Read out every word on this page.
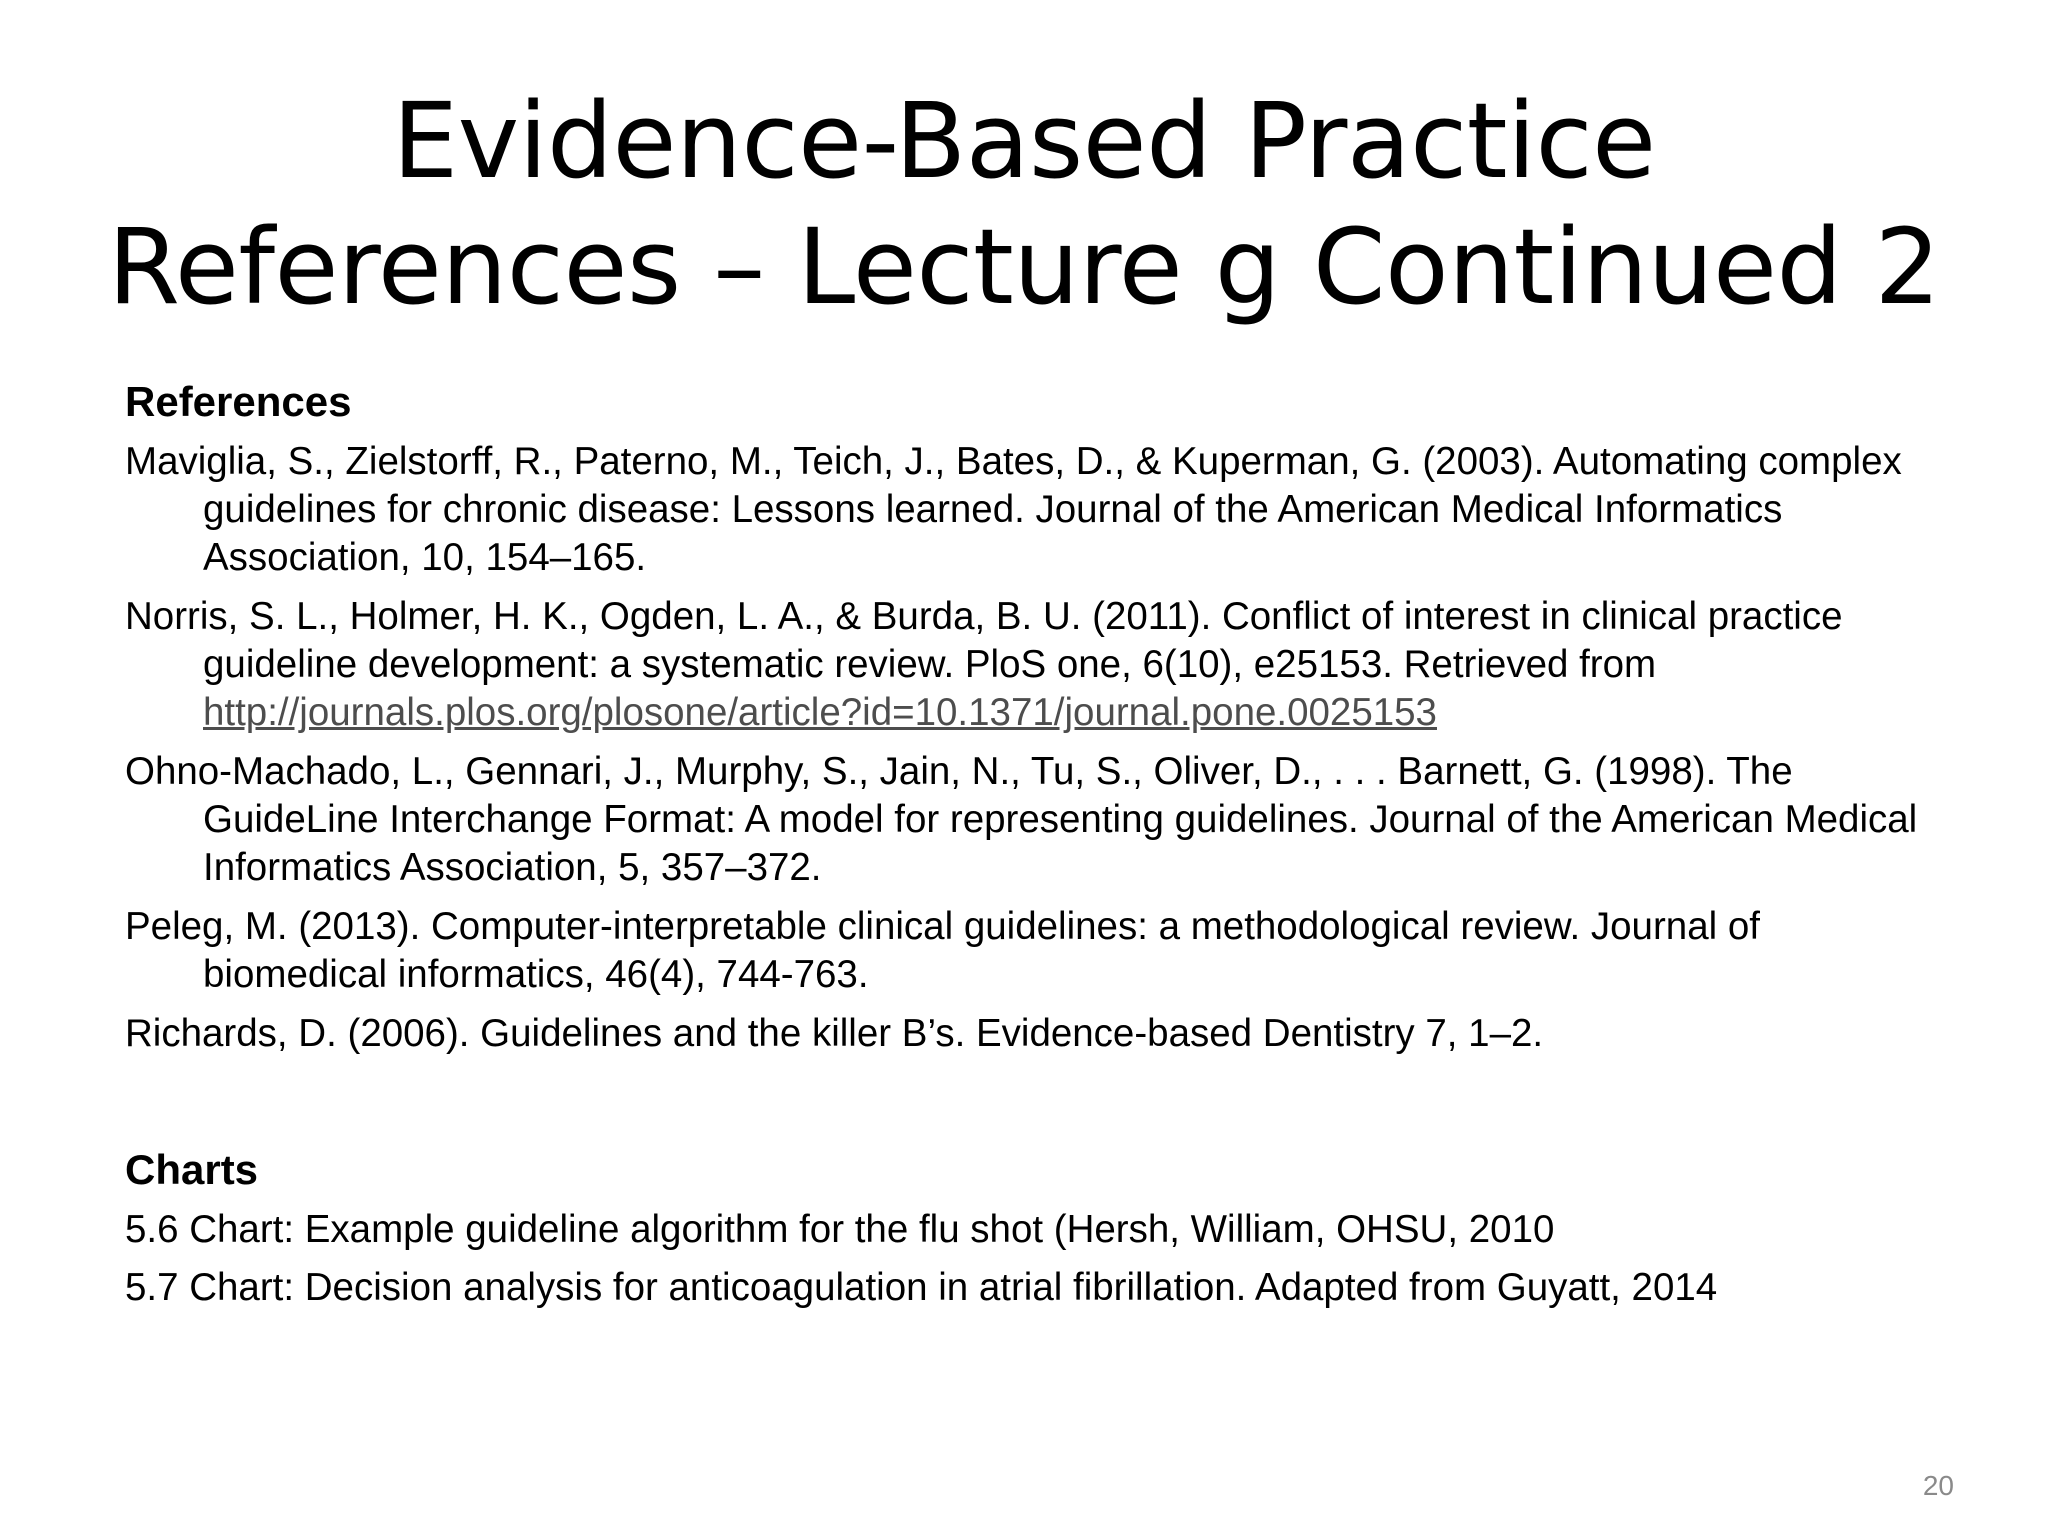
Evidence-Based Practice
References – Lecture g Continued 2
References
Maviglia, S., Zielstorff, R., Paterno, M., Teich, J., Bates, D., & Kuperman, G. (2003). Automating complex guidelines for chronic disease: Lessons learned. Journal of the American Medical Informatics Association, 10, 154–165.
Norris, S. L., Holmer, H. K., Ogden, L. A., & Burda, B. U. (2011). Conflict of interest in clinical practice guideline development: a systematic review. PloS one, 6(10), e25153. Retrieved from http://journals.plos.org/plosone/article?id=10.1371/journal.pone.0025153
Ohno-Machado, L., Gennari, J., Murphy, S., Jain, N., Tu, S., Oliver, D., . . . Barnett, G. (1998). The GuideLine Interchange Format: A model for representing guidelines. Journal of the American Medical Informatics Association, 5, 357–372.
Peleg, M. (2013). Computer-interpretable clinical guidelines: a methodological review. Journal of biomedical informatics, 46(4), 744-763.
Richards, D. (2006). Guidelines and the killer B’s. Evidence-based Dentistry 7, 1–2.
Charts
5.6 Chart: Example guideline algorithm for the flu shot (Hersh, William, OHSU, 2010
5.7 Chart: Decision analysis for anticoagulation in atrial fibrillation. Adapted from Guyatt, 2014
20
